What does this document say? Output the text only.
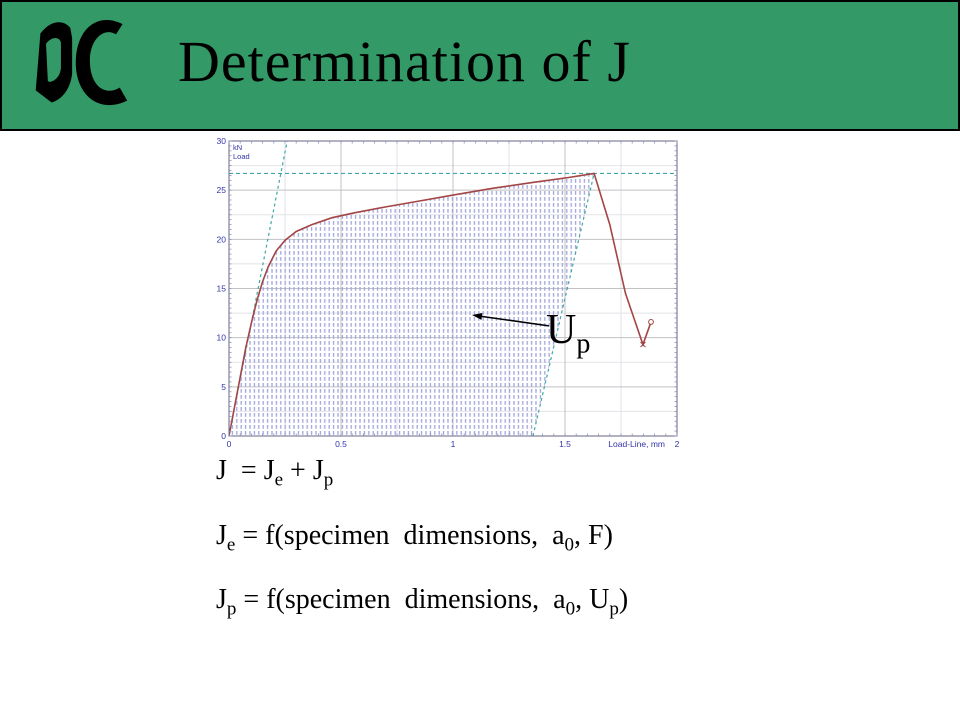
Determination of J
0
5
10
15
20
25
30
0	0.5	1	1.5	2
kN
Load
Load-Line, mm
$U_p$
$J = J_e + J_p$
$J_e$ = f(specimen  dimensions,  $a_0$, F)
$J_p$ = f(specimen  dimensions,  $a_0$, $U_p$)
